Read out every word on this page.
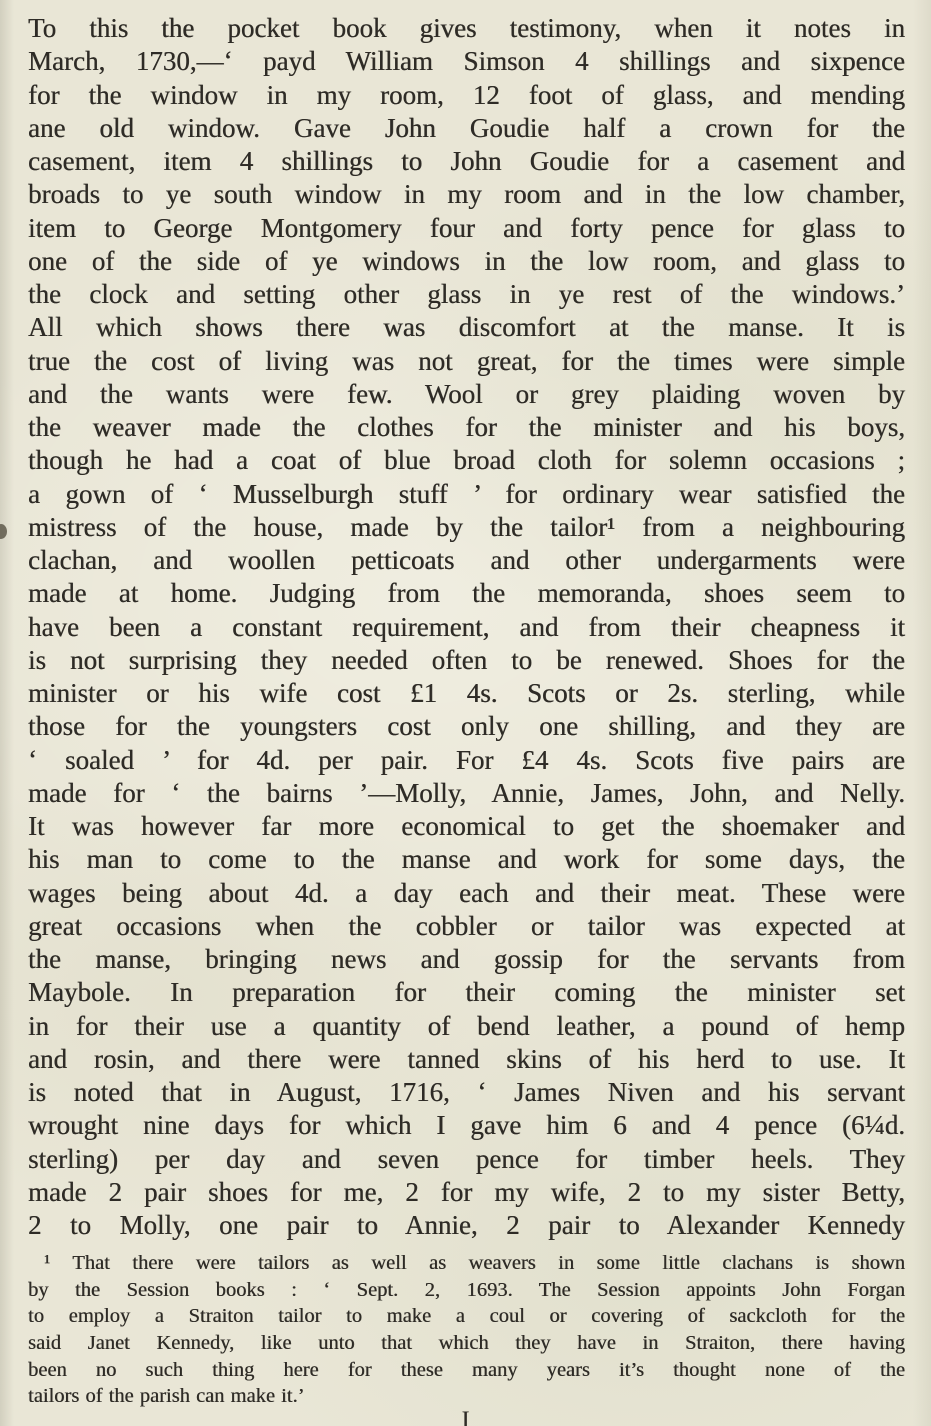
To this the pocket book gives testimony, when it notes in
March, 1730,—‘ payd William Simson 4 shillings and sixpence
for the window in my room, 12 foot of glass, and mending
ane old window. Gave John Goudie half a crown for the
casement, item 4 shillings to John Goudie for a casement and
broads to ye south window in my room and in the low chamber,
item to George Montgomery four and forty pence for glass to
one of the side of ye windows in the low room, and glass to
the clock and setting other glass in ye rest of the windows.’
All which shows there was discomfort at the manse. It is
true the cost of living was not great, for the times were simple
and the wants were few. Wool or grey plaiding woven by
the weaver made the clothes for the minister and his boys,
though he had a coat of blue broad cloth for solemn occasions ;
a gown of ‘ Musselburgh stuff ’ for ordinary wear satisfied the
mistress of the house, made by the tailor¹ from a neighbouring
clachan, and woollen petticoats and other undergarments were
made at home. Judging from the memoranda, shoes seem to
have been a constant requirement, and from their cheapness it
is not surprising they needed often to be renewed. Shoes for the
minister or his wife cost £1 4s. Scots or 2s. sterling, while
those for the youngsters cost only one shilling, and they are
‘ soaled ’ for 4d. per pair. For £4 4s. Scots five pairs are
made for ‘ the bairns ’—Molly, Annie, James, John, and Nelly.
It was however far more economical to get the shoemaker and
his man to come to the manse and work for some days, the
wages being about 4d. a day each and their meat. These were
great occasions when the cobbler or tailor was expected at
the manse, bringing news and gossip for the servants from
Maybole. In preparation for their coming the minister set
in for their use a quantity of bend leather, a pound of hemp
and rosin, and there were tanned skins of his herd to use. It
is noted that in August, 1716, ‘ James Niven and his servant
wrought nine days for which I gave him 6 and 4 pence (6¼d.
sterling) per day and seven pence for timber heels. They
made 2 pair shoes for me, 2 for my wife, 2 to my sister Betty,
2 to Molly, one pair to Annie, 2 pair to Alexander Kennedy
¹ That there were tailors as well as weavers in some little clachans is shown
by the Session books : ‘ Sept. 2, 1693. The Session appoints John Forgan
to employ a Straiton tailor to make a coul or covering of sackcloth for the
said Janet Kennedy, like unto that which they have in Straiton, there having
been no such thing here for these many years it’s thought none of the
tailors of the parish can make it.’
I
